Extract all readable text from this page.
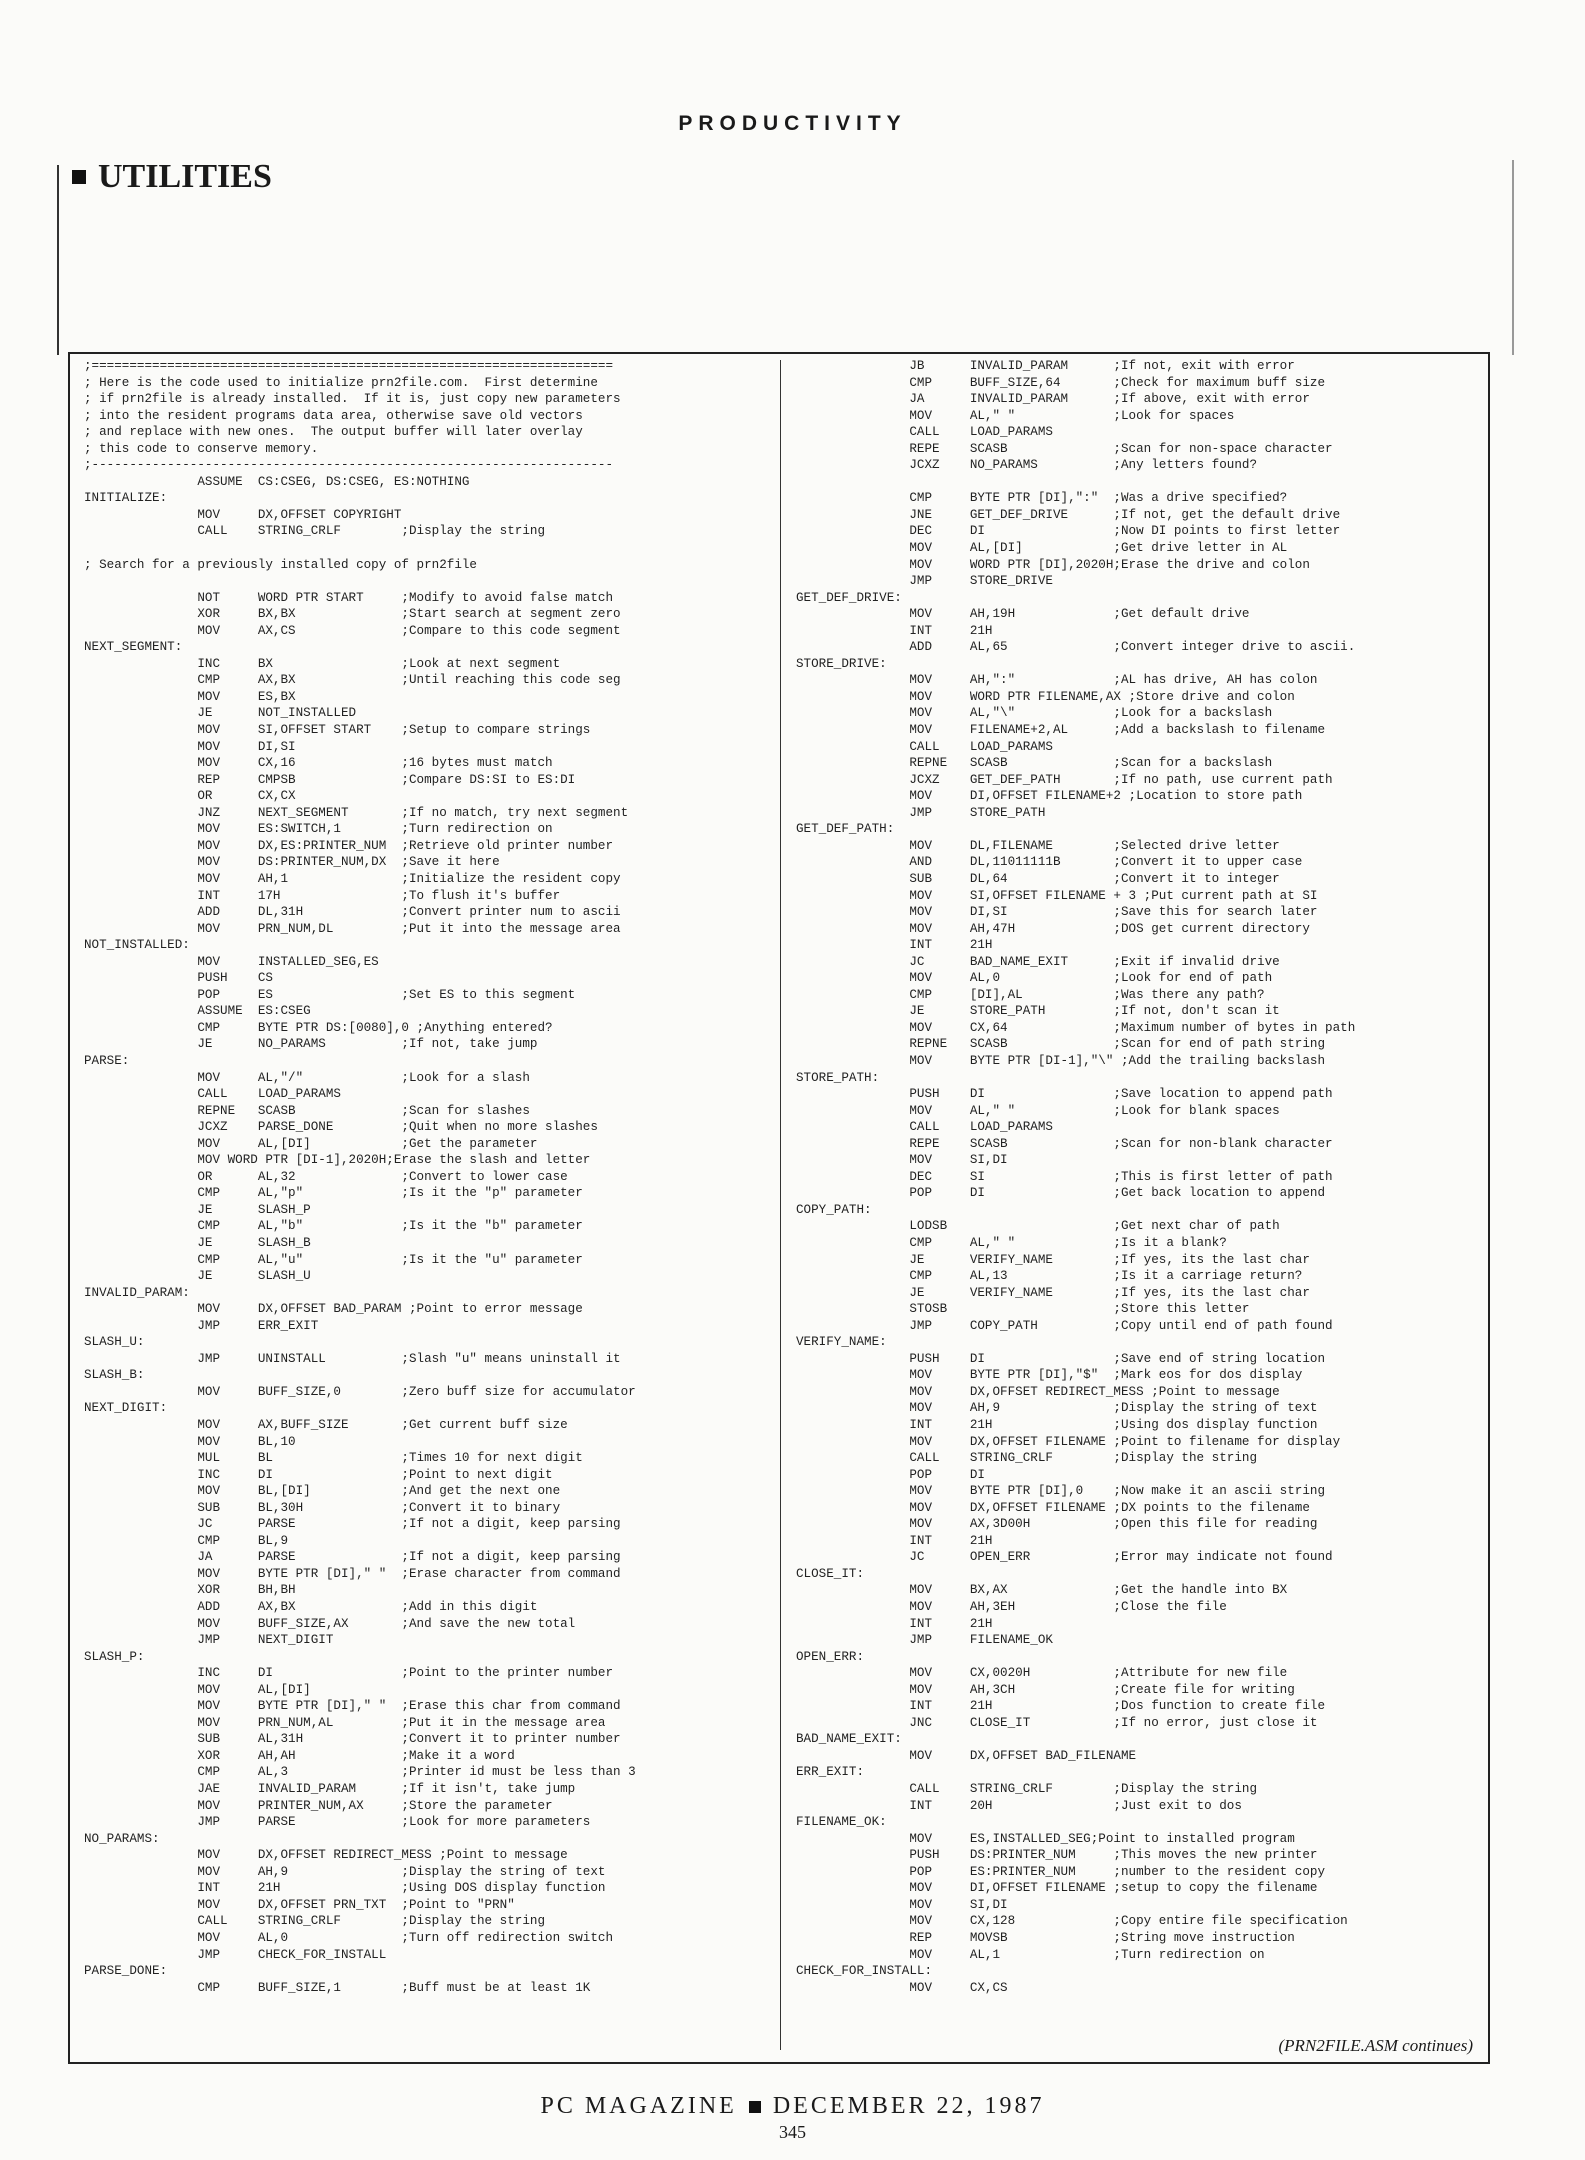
PRODUCTIVITY
UTILITIES
;=====================================================================
; Here is the code used to initialize prn2file.com.  First determine
; if prn2file is already installed.  If it is, just copy new parameters
; into the resident programs data area, otherwise save old vectors
; and replace with new ones.  The output buffer will later overlay
; this code to conserve memory.
;---------------------------------------------------------------------
ASSUME  CS:CSEG, DS:CSEG, ES:NOTHING
INITIALIZE:
MOV     DX,OFFSET COPYRIGHT
CALL    STRING_CRLF        ;Display the string

; Search for a previously installed copy of prn2file

NOT     WORD PTR START     ;Modify to avoid false match
XOR     BX,BX              ;Start search at segment zero
MOV     AX,CS              ;Compare to this code segment
NEXT_SEGMENT:
INC     BX                 ;Look at next segment
CMP     AX,BX              ;Until reaching this code seg
MOV     ES,BX
JE      NOT_INSTALLED
MOV     SI,OFFSET START    ;Setup to compare strings
MOV     DI,SI
MOV     CX,16              ;16 bytes must match
REP     CMPSB              ;Compare DS:SI to ES:DI
OR      CX,CX
JNZ     NEXT_SEGMENT       ;If no match, try next segment
MOV     ES:SWITCH,1        ;Turn redirection on
MOV     DX,ES:PRINTER_NUM  ;Retrieve old printer number
MOV     DS:PRINTER_NUM,DX  ;Save it here
MOV     AH,1               ;Initialize the resident copy
INT     17H                ;To flush it's buffer
ADD     DL,31H             ;Convert printer num to ascii
MOV     PRN_NUM,DL         ;Put it into the message area
NOT_INSTALLED:
MOV     INSTALLED_SEG,ES
PUSH    CS
POP     ES                 ;Set ES to this segment
ASSUME  ES:CSEG
CMP     BYTE PTR DS:[0080],0 ;Anything entered?
JE      NO_PARAMS          ;If not, take jump
PARSE:
MOV     AL,"/"             ;Look for a slash
CALL    LOAD_PARAMS
REPNE   SCASB              ;Scan for slashes
JCXZ    PARSE_DONE         ;Quit when no more slashes
MOV     AL,[DI]            ;Get the parameter
MOV WORD PTR [DI-1],2020H;Erase the slash and letter
OR      AL,32              ;Convert to lower case
CMP     AL,"p"             ;Is it the "p" parameter
JE      SLASH_P
CMP     AL,"b"             ;Is it the "b" parameter
JE      SLASH_B
CMP     AL,"u"             ;Is it the "u" parameter
JE      SLASH_U
INVALID_PARAM:
MOV     DX,OFFSET BAD_PARAM ;Point to error message
JMP     ERR_EXIT
SLASH_U:
JMP     UNINSTALL          ;Slash "u" means uninstall it
SLASH_B:
MOV     BUFF_SIZE,0        ;Zero buff size for accumulator
NEXT_DIGIT:
MOV     AX,BUFF_SIZE       ;Get current buff size
MOV     BL,10
MUL     BL                 ;Times 10 for next digit
INC     DI                 ;Point to next digit
MOV     BL,[DI]            ;And get the next one
SUB     BL,30H             ;Convert it to binary
JC      PARSE              ;If not a digit, keep parsing
CMP     BL,9
JA      PARSE              ;If not a digit, keep parsing
MOV     BYTE PTR [DI]," "  ;Erase character from command
XOR     BH,BH
ADD     AX,BX              ;Add in this digit
MOV     BUFF_SIZE,AX       ;And save the new total
JMP     NEXT_DIGIT
SLASH_P:
INC     DI                 ;Point to the printer number
MOV     AL,[DI]
MOV     BYTE PTR [DI]," "  ;Erase this char from command
MOV     PRN_NUM,AL         ;Put it in the message area
SUB     AL,31H             ;Convert it to printer number
XOR     AH,AH              ;Make it a word
CMP     AL,3               ;Printer id must be less than 3
JAE     INVALID_PARAM      ;If it isn't, take jump
MOV     PRINTER_NUM,AX     ;Store the parameter
JMP     PARSE              ;Look for more parameters
NO_PARAMS:
MOV     DX,OFFSET REDIRECT_MESS ;Point to message
MOV     AH,9               ;Display the string of text
INT     21H                ;Using DOS display function
MOV     DX,OFFSET PRN_TXT  ;Point to "PRN"
CALL    STRING_CRLF        ;Display the string
MOV     AL,0               ;Turn off redirection switch
JMP     CHECK_FOR_INSTALL
PARSE_DONE:
CMP     BUFF_SIZE,1        ;Buff must be at least 1K
JB      INVALID_PARAM      ;If not, exit with error
CMP     BUFF_SIZE,64       ;Check for maximum buff size
JA      INVALID_PARAM      ;If above, exit with error
MOV     AL," "             ;Look for spaces
CALL    LOAD_PARAMS
REPE    SCASB              ;Scan for non-space character
JCXZ    NO_PARAMS          ;Any letters found?

CMP     BYTE PTR [DI],":"  ;Was a drive specified?
JNE     GET_DEF_DRIVE      ;If not, get the default drive
DEC     DI                 ;Now DI points to first letter
MOV     AL,[DI]            ;Get drive letter in AL
MOV     WORD PTR [DI],2020H;Erase the drive and colon
JMP     STORE_DRIVE
GET_DEF_DRIVE:
MOV     AH,19H             ;Get default drive
INT     21H
ADD     AL,65              ;Convert integer drive to ascii.
STORE_DRIVE:
MOV     AH,":"             ;AL has drive, AH has colon
MOV     WORD PTR FILENAME,AX ;Store drive and colon
MOV     AL,"\"             ;Look for a backslash
MOV     FILENAME+2,AL      ;Add a backslash to filename
CALL    LOAD_PARAMS
REPNE   SCASB              ;Scan for a backslash
JCXZ    GET_DEF_PATH       ;If no path, use current path
MOV     DI,OFFSET FILENAME+2 ;Location to store path
JMP     STORE_PATH
GET_DEF_PATH:
MOV     DL,FILENAME        ;Selected drive letter
AND     DL,11011111B       ;Convert it to upper case
SUB     DL,64              ;Convert it to integer
MOV     SI,OFFSET FILENAME + 3 ;Put current path at SI
MOV     DI,SI              ;Save this for search later
MOV     AH,47H             ;DOS get current directory
INT     21H
JC      BAD_NAME_EXIT      ;Exit if invalid drive
MOV     AL,0               ;Look for end of path
CMP     [DI],AL            ;Was there any path?
JE      STORE_PATH         ;If not, don't scan it
MOV     CX,64              ;Maximum number of bytes in path
REPNE   SCASB              ;Scan for end of path string
MOV     BYTE PTR [DI-1],"\" ;Add the trailing backslash
STORE_PATH:
PUSH    DI                 ;Save location to append path
MOV     AL," "             ;Look for blank spaces
CALL    LOAD_PARAMS
REPE    SCASB              ;Scan for non-blank character
MOV     SI,DI
DEC     SI                 ;This is first letter of path
POP     DI                 ;Get back location to append
COPY_PATH:
LODSB                      ;Get next char of path
CMP     AL," "             ;Is it a blank?
JE      VERIFY_NAME        ;If yes, its the last char
CMP     AL,13              ;Is it a carriage return?
JE      VERIFY_NAME        ;If yes, its the last char
STOSB                      ;Store this letter
JMP     COPY_PATH          ;Copy until end of path found
VERIFY_NAME:
PUSH    DI                 ;Save end of string location
MOV     BYTE PTR [DI],"$"  ;Mark eos for dos display
MOV     DX,OFFSET REDIRECT_MESS ;Point to message
MOV     AH,9               ;Display the string of text
INT     21H                ;Using dos display function
MOV     DX,OFFSET FILENAME ;Point to filename for display
CALL    STRING_CRLF        ;Display the string
POP     DI
MOV     BYTE PTR [DI],0    ;Now make it an ascii string
MOV     DX,OFFSET FILENAME ;DX points to the filename
MOV     AX,3D00H           ;Open this file for reading
INT     21H
JC      OPEN_ERR           ;Error may indicate not found
CLOSE_IT:
MOV     BX,AX              ;Get the handle into BX
MOV     AH,3EH             ;Close the file
INT     21H
JMP     FILENAME_OK
OPEN_ERR:
MOV     CX,0020H           ;Attribute for new file
MOV     AH,3CH             ;Create file for writing
INT     21H                ;Dos function to create file
JNC     CLOSE_IT           ;If no error, just close it
BAD_NAME_EXIT:
MOV     DX,OFFSET BAD_FILENAME
ERR_EXIT:
CALL    STRING_CRLF        ;Display the string
INT     20H                ;Just exit to dos
FILENAME_OK:
MOV     ES,INSTALLED_SEG;Point to installed program
PUSH    DS:PRINTER_NUM     ;This moves the new printer
POP     ES:PRINTER_NUM     ;number to the resident copy
MOV     DI,OFFSET FILENAME ;setup to copy the filename
MOV     SI,DI
MOV     CX,128             ;Copy entire file specification
REP     MOVSB              ;String move instruction
MOV     AL,1               ;Turn redirection on
CHECK_FOR_INSTALL:
MOV     CX,CS
(PRN2FILE.ASM continues)
PC MAGAZINE DECEMBER 22, 1987
345
